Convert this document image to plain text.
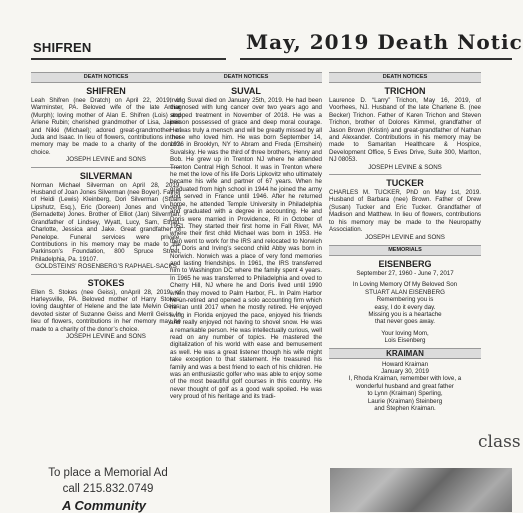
SHIFREN	May, 2019 Death Notic
DEATH NOTICES
SHIFREN
Leah Shifren (nee Dratch) on April 22, 2019; of Warminster, PA. Beloved wife of the late Arthur (Murph); loving mother of Alan E. Shifren (Lois) and Arlene Rubin; cherished grandmother of Lisa, Jaimie and Nikki (Michael); adored great-grandmother of Juda and Isaac. In lieu of flowers, contributions in her memory may be made to a charity of the donor’s choice.
JOSEPH LEVINE and SONS
SILVERMAN
Norman Michael Silverman on April 28, 2019. Husband of Joan Jones Silverman (nee Boyer). Father of Heidi (Lewis) Kleinberg, Dori Silverman (Stuart Lipshutz, Esq.), Eric (Doreen) Jones and Vincent (Bernadette) Jones. Brother of Elliot (Jan) Silverman. Grandfather of Lindsey, Wyatt, Lucy, Sam, Ethan, Charlotte, Jessica and Jake. Great grandfather of Penelope. Funeral services were private. Contributions in his memory may be made to the Parkinson’s Foundation, 800 Spruce Street, Philadelphia, Pa. 19107.
GOLDSTEINS’ ROSENBERG’S RAPHAEL-SACKS
STOKES
Ellen S. Stokes (nee Geiss), onApril 28, 2019; of Harleysville, PA. Beloved mother of Harry Stokes; loving daughter of Helene and the late Melvin Geiss; devoted sister of Suzanne Geiss and Merril Geiss. In lieu of flowers, contributions in her memory may be made to a charity of the donor’s choice.
JOSEPH LEVINE and SONS
To place a Memorial Ad
call 215.832.0749
A Community
DEATH NOTICES
SUVAL
Irving Suval died on January 25th, 2019. He had been diagnosed with lung cancer over two years ago and stopped treatment in November of 2018. He was a person possessed of grace and deep moral courage. He was truly a mensch and will be greatly missed by all those who loved him. He was born September 14, 1926 in Brooklyn, NY to Abram and Freda (Ernshein) Suvalsky. He was the third of three brothers, Henry and Bob. He grew up in Trenton NJ where he attended Trenton Central High School. It was in Trenton where he met the love of his life Doris Lipkovitz who ultimately became his wife and partner of 67 years. When he graduated from high school in 1944 he joined the army and served in France until 1946. After he returned home, he attended Temple University in Philadelphia and graduated with a degree in accounting. He and Doris were married in Providence, RI in October of 1951. They started their first home in Fall River, MA where their first child Michael was born in 1953. He then went to work for the IRS and relocated to Norwich CT. Doris and Irving’s second child Abby was born in Norwich. Norwich was a place of very fond memories and lasting friendships. In 1961, the IRS transferred him to Washington DC where the family spent 4 years. In 1965 he was transferred to Philadelphia and oved to Cherry Hill, NJ where he and Doris lived until 1990 when they moved to Palm Harbor, FL. In Palm Harbor he un-retired and opened a solo accounting firm which he ran until 2017 when he mostly retired. He enjoyed living in Florida enjoyed the pace, enjoyed his friends and really enjoyed not having to shovel snow. He was a remarkable person. He was intellectually curious, well read on any number of topics. He mastered the digitalization of his world with ease and bemusement as well. He was a great listener though his wife might take exception to that statement. He treasured his family and was a best friend to each of his children. He was an enthusiastic golfer who was able to enjoy some of the most beautiful golf courses in this country. He never thought of golf as a good walk spoiled. He was very proud of his heritage and its tradi-
DEATH NOTICES
TRICHON
Laurence D. “Larry” Trichon, May 16, 2019, of Voorhees, NJ. Husband of the late Charlene B. (nee Becker) Trichon. Father of Karen Trichon and Steven Trichon, brother of Dolores Kimmel, grandfather of Jason Brown (Kristin) and great-grandfather of Nathan and Alexander. Contributions in his memory may be made to Samaritan Healthcare & Hospice, Development Office, 5 Eves Drive, Suite 300, Marlton, NJ 08053.
JOSEPH LEVINE & SONS
TUCKER
CHARLES M. TUCKER, PhD on May 1st, 2019. Husband of Barbara (nee) Brown. Father of Drew (Susan) Tucker and Eric Tucker. Grandfather of Madison and Matthew. In lieu of flowers, contributions to his memory may be made to the Neuropathy Association.
JOSEPH LEVINE and SONS
MEMORIALS
EISENBERG
September 27, 1960 - June 7, 2017
In Loving Memory Of My Beloved Son
STUART ALAN EISENBERG
Remembering you is
easy, I do it every day.
Missing you is a heartache
that never goes away.
Your loving Mom,
Lois Eisenberg
KRAIMAN
Howard Kraiman
January 30, 2019
I, Rhoda Kraiman, remember with love, a
wonderful husband and great father
to Lynn (Kraiman) Sperling,
Laurie (Kraiman) Steinberg
and Stephen Kraiman.
class
